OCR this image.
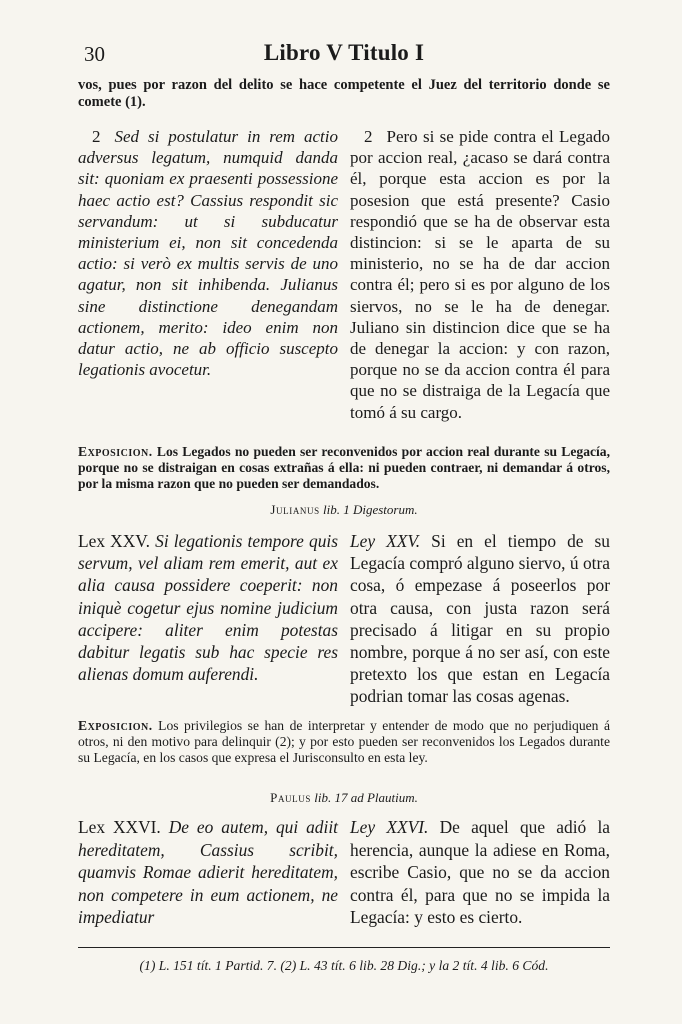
30	Libro V Titulo I
vos, pues por razon del delito se hace competente el Juez del territorio donde se comete (1).
2 Sed si postulatur in rem actio adversus legatum, numquid danda sit: quoniam ex praesenti possessione haec actio est? Cassius respondit sic servandum: ut si subducatur ministerium ei, non sit concedenda actio: si verò ex multis servis de uno agatur, non sit inhibenda. Julianus sine distinctione denegandam actionem, merito: ideo enim non datur actio, ne ab officio suscepto legationis avocetur.
2 Pero si se pide contra el Legado por accion real, ¿acaso se dará contra él, porque esta accion es por la posesion que está presente? Casio respondió que se ha de observar esta distincion: si se le aparta de su ministerio, no se ha de dar accion contra él; pero si es por alguno de los siervos, no se le ha de denegar. Juliano sin distincion dice que se ha de denegar la accion: y con razon, porque no se da accion contra él para que no se distraiga de la Legacía que tomó á su cargo.
Exposicion. Los Legados no pueden ser reconvenidos por accion real durante su Legacía, porque no se distraigan en cosas extrañas á ella: ni pueden contraer, ni demandar á otros, por la misma razon que no pueden ser demandados.
Julianus lib. 1 Digestorum.
Lex XXV. Si legationis tempore quis servum, vel aliam rem emerit, aut ex alia causa possidere coeperit: non iniquè cogetur ejus nomine judicium accipere: aliter enim potestas dabitur legatis sub hac specie res alienas domum auferendi.
Ley XXV. Si en el tiempo de su Legacía compró alguno siervo, ú otra cosa, ó empezase á poseerlos por otra causa, con justa razon será precisado á litigar en su propio nombre, porque á no ser así, con este pretexto los que estan en Legacía podrian tomar las cosas agenas.
Exposicion. Los privilegios se han de interpretar y entender de modo que no perjudiquen á otros, ni den motivo para delinquir (2); y por esto pueden ser reconvenidos los Legados durante su Legacía, en los casos que expresa el Jurisconsulto en esta ley.
Paulus lib. 17 ad Plautium.
Lex XXVI. De eo autem, qui adiit hereditatem, Cassius scribit, quamvis Romae adierit hereditatem, non competere in eum actionem, ne impediatur
Ley XXVI. De aquel que adió la herencia, aunque la adiese en Roma, escribe Casio, que no se da accion contra él, para que no se impida la Legacía: y esto es cierto.
(1) L. 151 tít. 1 Partid. 7. (2) L. 43 tít. 6 lib. 28 Dig.; y la 2 tít. 4 lib. 6 Cód.
